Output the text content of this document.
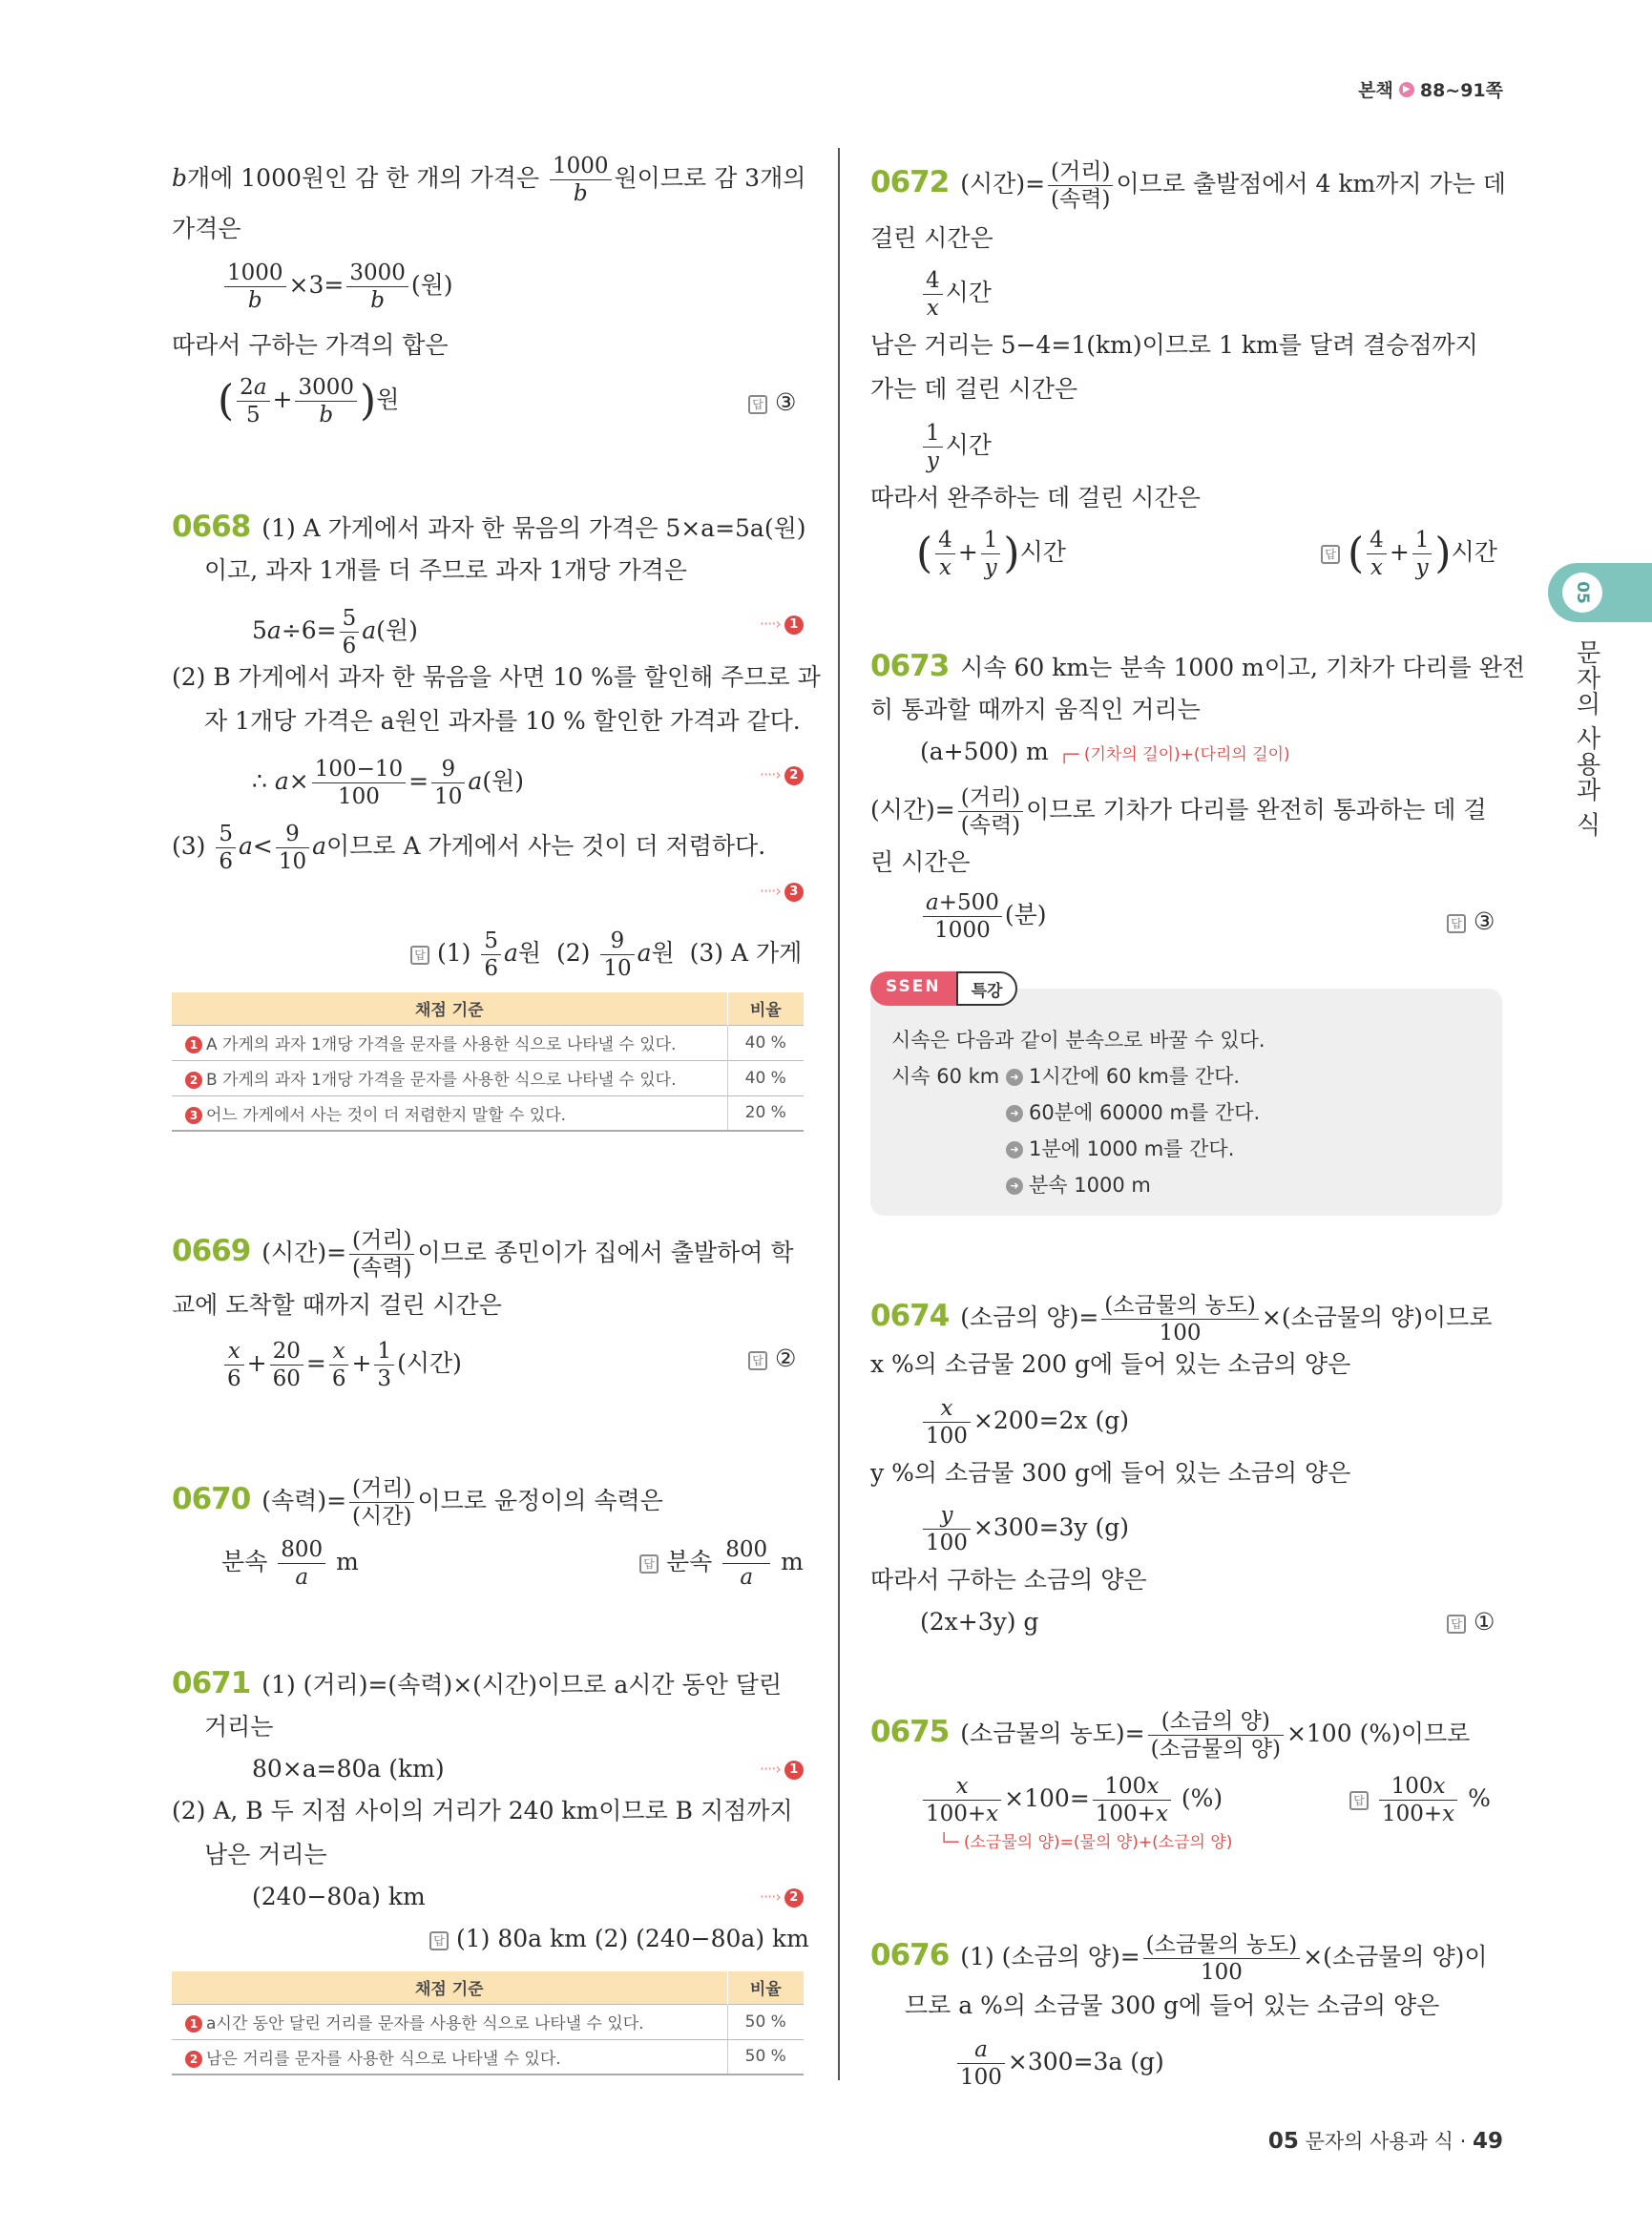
본책	▶ 88~91쪽
05
문자의 사용과 식
b개에 1000원인 감 한 개의 가격은 $\frac{1000}{b}$ 원이므로 감 3개의
가격은
$\frac{1000}{b} \times 3= \frac{3000}{b}$ (원)
따라서 구하는 가격의 합은
( $\frac{2a}{5} + \frac{3000}{b}$ )원	답 ③
0668 (1) A 가게에서 과자 한 묶음의 가격은 5×a=5a(원)
이고, 과자 1개를 더 주므로 과자 1개당 가격은
$5a\div 6= \frac{5}{6} a$(원)	····› 1
(2) B 가게에서 과자 한 묶음을 사면 10 %를 할인해 주므로 과
자 1개당 가격은 a원인 과자를 10 % 할인한 가격과 같다.
∴ $a\times \frac{100-10}{100} = \frac{9}{10} a$(원)	····› 2
$(3) \frac{5}{6} a< \frac{9}{10}$ a이므로 A 가게에서 사는 것이 더 저렴하다.
····› 3
답 $(1) \frac{5}{6}$ a원  $(2) \frac{9}{10}$ a원 (3) A 가게
채점 기준	비율
1 A 가게의 과자 1개당 가격을 문자를 사용한 식으로 나타낼 수 있다.	40 %
2 B 가게의 과자 1개당 가격을 문자를 사용한 식으로 나타낼 수 있다.	40 %
3 어느 가게에서 사는 것이 더 저렴한지 말할 수 있다.	20 %
0669 (시간)= $\frac{\text{(거리)}}{\text{(속력)}}$ 이므로 종민이가 집에서 출발하여 학
교에 도착할 때까지 걸린 시간은
$\frac{x}{6} + \frac{20}{60} = \frac{x}{6} + \frac{1}{3}$ (시간)	답 ②
0670 (속력)= $\frac{\text{(거리)}}{\text{(시간)}}$ 이므로 윤정이의 속력은
분속 $\frac{800}{a}$ m	답 분속 $\frac{800}{a}$ m
0671 (1) (거리)=(속력)×(시간)이므로 a시간 동안 달린
거리는
80×a=80a (km)	····› 1
(2) A, B 두 지점 사이의 거리가 240 km이므로 B 지점까지
남은 거리는
(240−80a) km	····› 2
답 (1) 80a km (2) (240−80a) km
채점 기준	비율
1 a시간 동안 달린 거리를 문자를 사용한 식으로 나타낼 수 있다.	50 %
2 남은 거리를 문자를 사용한 식으로 나타낼 수 있다.	50 %
0672 (시간)= $\frac{\text{(거리)}}{\text{(속력)}}$ 이므로 출발점에서 4 km까지 가는 데
걸린 시간은
$\frac{4}{x}$ 시간
남은 거리는 5−4=1(km)이므로 1 km를 달려 결승점까지
가는 데 걸린 시간은
$\frac{1}{y}$ 시간
따라서 완주하는 데 걸린 시간은
( $\frac{4}{x} + \frac{1}{y}$ )시간	답 ( $\frac{4}{x} + \frac{1}{y}$ )시간
0673 시속 60 km는 분속 1000 m이고, 기차가 다리를 완전
히 통과할 때까지 움직인 거리는
(a+500) m ┌─ (기차의 길이)+(다리의 길이)
(시간)= $\frac{\text{(거리)}}{\text{(속력)}}$ 이므로 기차가 다리를 완전히 통과하는 데 걸
린 시간은
$\frac{a+500}{1000}$ (분)	답 ③
SSEN	특강
시속은 다음과 같이 분속으로 바꿀 수 있다.
시속 60 km ➜ 1시간에 60 km를 간다.
➜ 60분에 60000 m를 간다.
➜ 1분에 1000 m를 간다.
➜ 분속 1000 m
0674 (소금의 양)= $\frac{\text{(소금물의 농도)}}{100}$ ×(소금물의 양)이므로
x %의 소금물 200 g에 들어 있는 소금의 양은
$\frac{x}{100} \times 200=2x$ (g)
y %의 소금물 300 g에 들어 있는 소금의 양은
$\frac{y}{100} \times 300=3y$ (g)
따라서 구하는 소금의 양은
(2x+3y) g	답 ①
0675 (소금물의 농도)= $\frac{\text{(소금의 양)}}{\text{(소금물의 양)}} \times 100$ (%)이므로
$\frac{x}{100+x} \times 100= \frac{100x}{100+x}$ (%)
└─ (소금물의 양)=(물의 양)+(소금의 양)
답 $\frac{100x}{100+x}$ %
0676 (1) (소금의 양)= $\frac{\text{(소금물의 농도)}}{100}$ ×(소금물의 양)이
므로 a %의 소금물 300 g에 들어 있는 소금의 양은
$\frac{a}{100} \times 300=3a$ (g)
05 문자의 사용과 식 · 49
